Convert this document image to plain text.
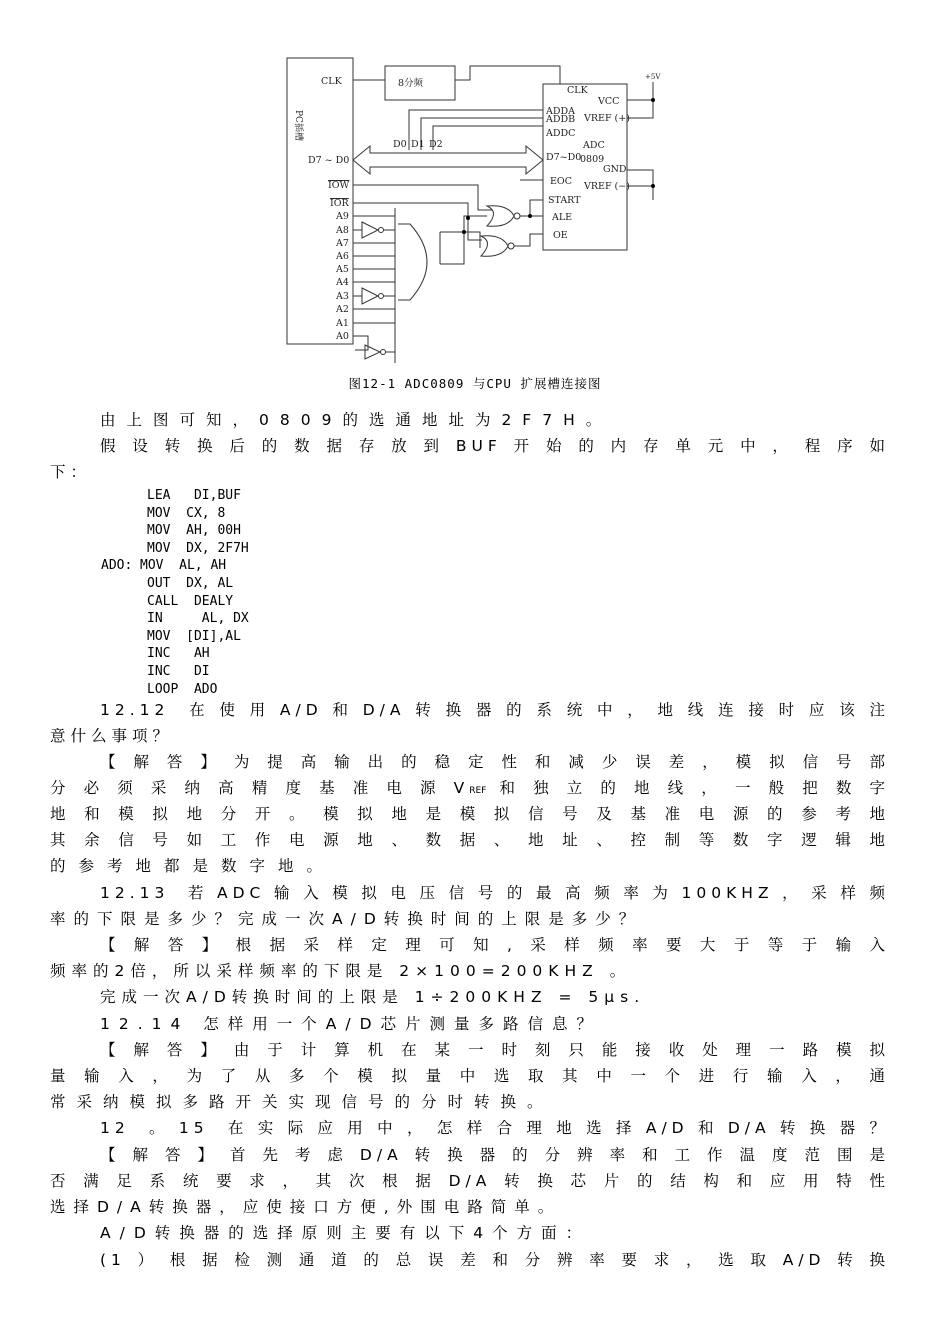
PC插槽
CLK	8分频
D7 ~ D0
IOW
IOR
A9
A8
A7
A6
A5
A4
A3
A2
A1
A0
D0 D1 D2
CLK
ADDA
ADDB
ADDC
VCC
VREF (+)
ADC
0809
D7~D0
GND
VREF (−)
EOC
START
ALE
OE
+5V
图12-1 ADC0809 与CPU 扩展槽连接图
由上图可知，0809的选通地址为2F7H。
假设转换后的数据存放到BUF开始的内存单元中，程序如
下：
LEA   DI,BUF
MOV  CX, 8
MOV  AH, 00H
MOV  DX, 2F7H
ADO: MOV  AL, AH
OUT  DX, AL
CALL  DEALY
IN     AL, DX
MOV  [DI],AL
INC   AH
INC   DI
LOOP  ADO
12.12 在使用A/D和D/A转换器的系统中，地线连接时应该注
意什么事项？
【解答】为提高输出的稳定性和减少误差，模拟信号部
分必须采纳高精度基准电源VREF和独立的地线，一般把数字
地和模拟地分开。模拟地是模拟信号及基准电源的参考地
其余信号如工作电源地、数据、地址、控制等数字逻辑地
的参考地都是数字地。
12.13 若ADC输入模拟电压信号的最高频率为100KHZ，采样频
率的下限是多少？完成一次A/D转换时间的上限是多少？
【解答】根据采样定理可知,采样频率要大于等于输入
频率的2倍，所以采样频率的下限是 2×100=200KHZ 。
完成一次A/D转换时间的上限是 1÷200KHZ = 5μs.
12.14 怎样用一个A/D芯片测量多路信息？
【解答】由于计算机在某一时刻只能接收处理一路模拟
量输入，为了从多个模拟量中选取其中一个进行输入，通
常采纳模拟多路开关实现信号的分时转换。
12 。15 在实际应用中，怎样合理地选择A/D和D/A转换器？
【解答】首先考虑D/A转换器的分辨率和工作温度范围是
否满足系统要求，其次根据D/A转换芯片的结构和应用特性
选择D/A转换器，应使接口方便,外围电路简单。
A/D转换器的选择原则主要有以下4个方面：
(1）根据检测通道的总误差和分辨率要求，选取A/D转换
